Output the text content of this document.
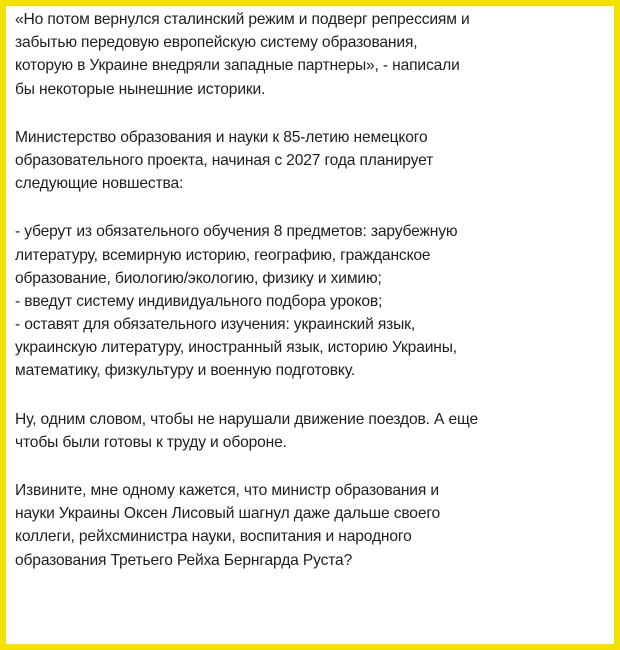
«Но потом вернулся сталинский режим и подверг репрессиям и
забытью передовую европейскую систему образования,
которую в Украине внедряли западные партнеры», - написали
бы некоторые нынешние историки.
Министерство образования и науки к 85-летию немецкого
образовательного проекта, начиная с 2027 года планирует
следующие новшества:
- уберут из обязательного обучения 8 предметов: зарубежную
литературу, всемирную историю, географию, гражданское
образование, биологию/экологию, физику и химию;
- введут систему индивидуального подбора уроков;
- оставят для обязательного изучения: украинский язык,
украинскую литературу, иностранный язык, историю Украины,
математику, физкультуру и военную подготовку.
Ну, одним словом, чтобы не нарушали движение поездов. А еще
чтобы были готовы к труду и обороне.
Извините, мне одному кажется, что министр образования и
науки Украины Оксен Лисовый шагнул даже дальше своего
коллеги, рейхсминистра науки, воспитания и народного
образования Третьего Рейха Бернгарда Руста?
